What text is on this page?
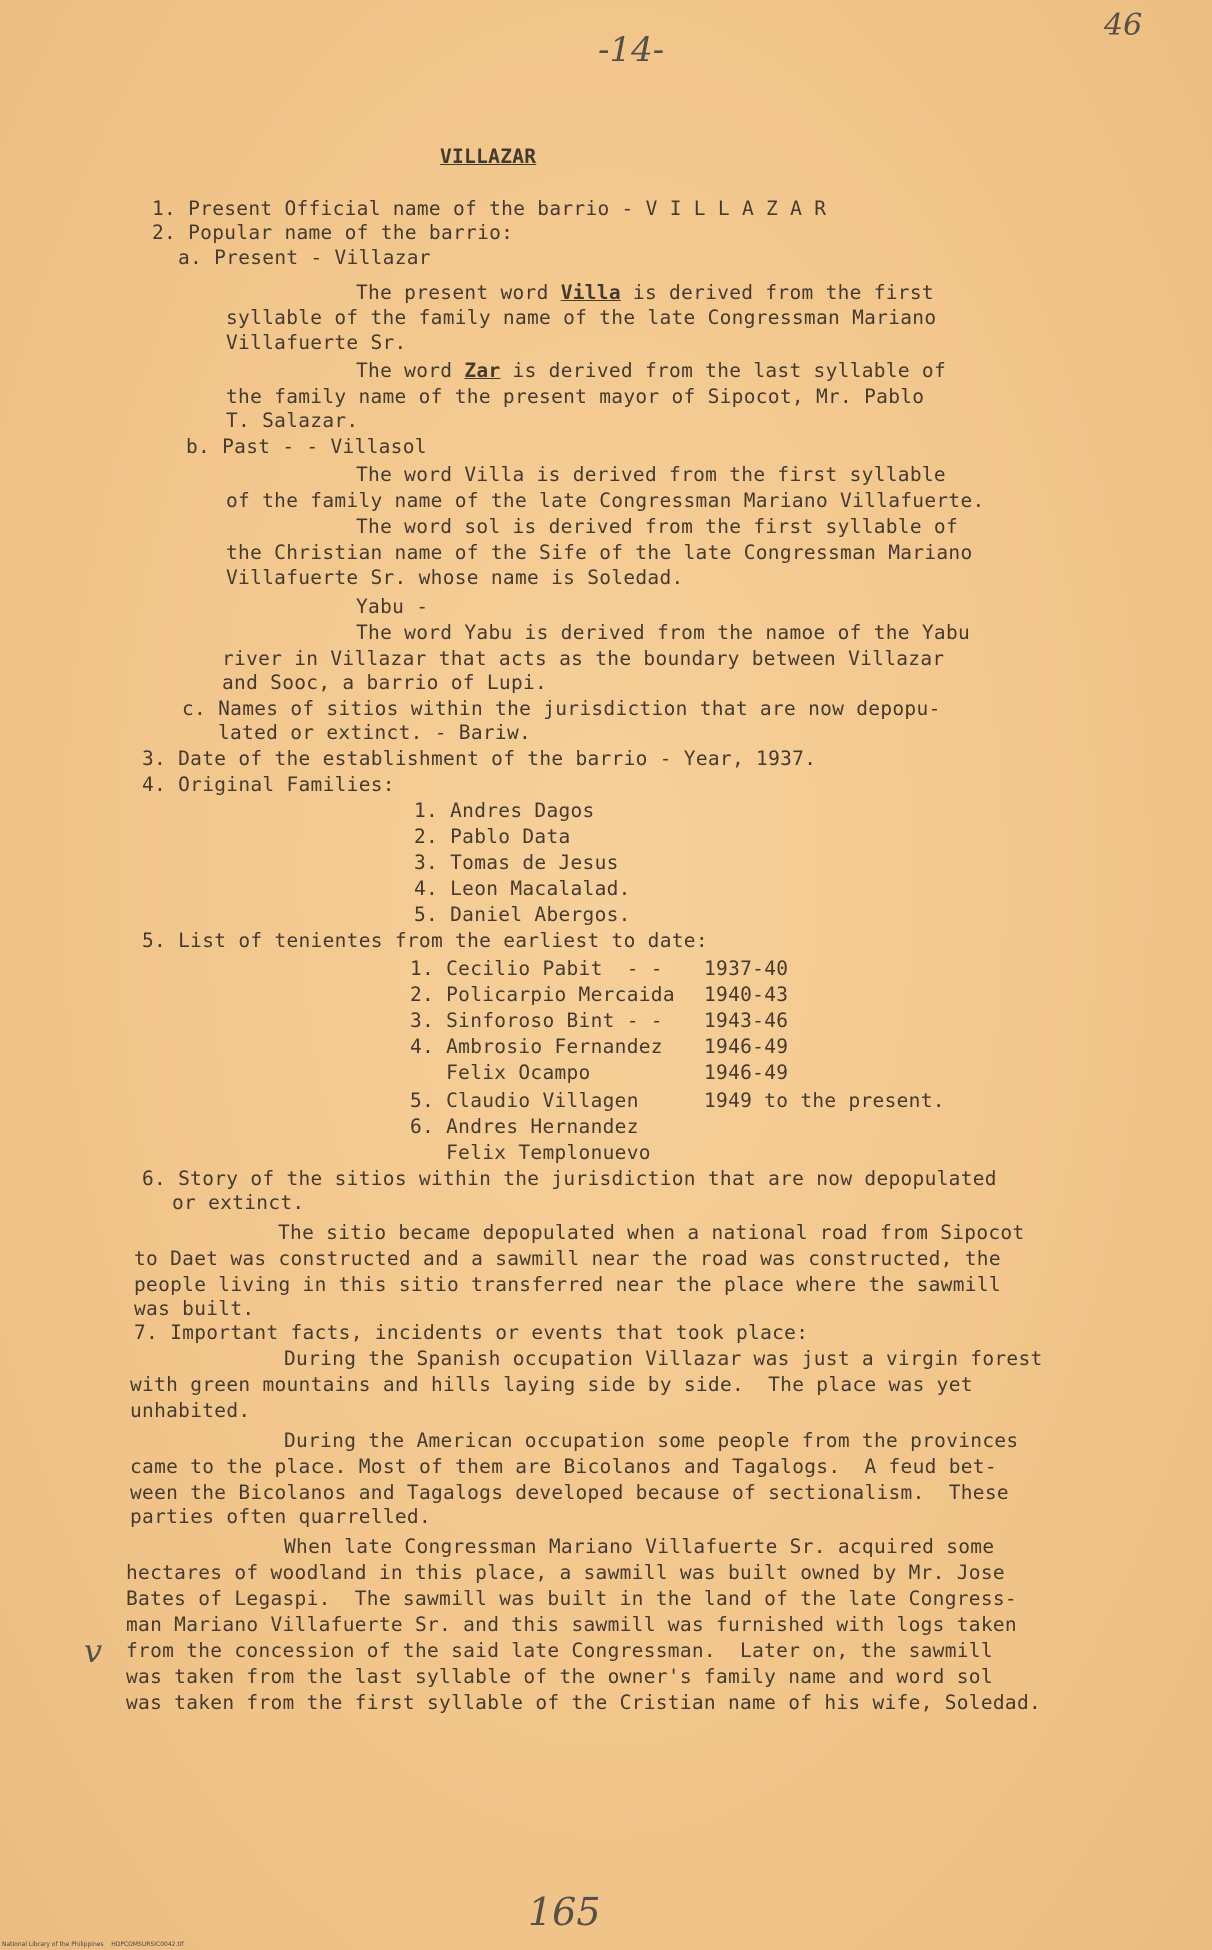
-14-
46
165
v
VILLAZAR
1. Present Official name of the barrio - V I L L A Z A R
2. Popular name of the barrio:
a. Present - Villazar
The present word Villa is derived from the first
syllable of the family name of the late Congressman Mariano
Villafuerte Sr.
The word Zar is derived from the last syllable of
the family name of the present mayor of Sipocot, Mr. Pablo
T. Salazar.
b. Past - - Villasol
The word Villa is derived from the first syllable
of the family name of the late Congressman Mariano Villafuerte.
The word sol is derived from the first syllable of
the Christian name of the Sife of the late Congressman Mariano
Villafuerte Sr. whose name is Soledad.
Yabu -
The word Yabu is derived from the namoe of the Yabu
river in Villazar that acts as the boundary between Villazar
and Sooc, a barrio of Lupi.
c. Names of sitios within the jurisdiction that are now depopu-
lated or extinct. - Bariw.
3. Date of the establishment of the barrio - Year, 1937.
4. Original Families:
1. Andres Dagos
2. Pablo Data
3. Tomas de Jesus
4. Leon Macalalad.
5. Daniel Abergos.
5. List of tenientes from the earliest to date:
1. Cecilio Pabit  - - 1937-40
2. Policarpio Mercaida 1940-43
3. Sinforoso Bint - - 1943-46
4. Ambrosio Fernandez 1946-49
Felix Ocampo	1946-49
5. Claudio Villagen	1949 to the present.
6. Andres Hernandez
Felix Templonuevo
6. Story of the sitios within the jurisdiction that are now depopulated
or extinct.
The sitio became depopulated when a national road from Sipocot
to Daet was constructed and a sawmill near the road was constructed, the
people living in this sitio transferred near the place where the sawmill
was built.
7. Important facts, incidents or events that took place:
During the Spanish occupation Villazar was just a virgin forest
with green mountains and hills laying side by side.  The place was yet
unhabited.
During the American occupation some people from the provinces
came to the place. Most of them are Bicolanos and Tagalogs.  A feud bet-
ween the Bicolanos and Tagalogs developed because of sectionalism.  These
parties often quarrelled.
When late Congressman Mariano Villafuerte Sr. acquired some
hectares of woodland in this place, a sawmill was built owned by Mr. Jose
Bates of Legaspi.  The sawmill was built in the land of the late Congress-
man Mariano Villafuerte Sr. and this sawmill was furnished with logs taken
from the concession of the said late Congressman.  Later on, the sawmill
was taken from the last syllable of the owner's family name and word sol
was taken from the first syllable of the Cristian name of his wife, Soledad.
National Library of the Philippines HDPCOMSURSIC0042.tif
